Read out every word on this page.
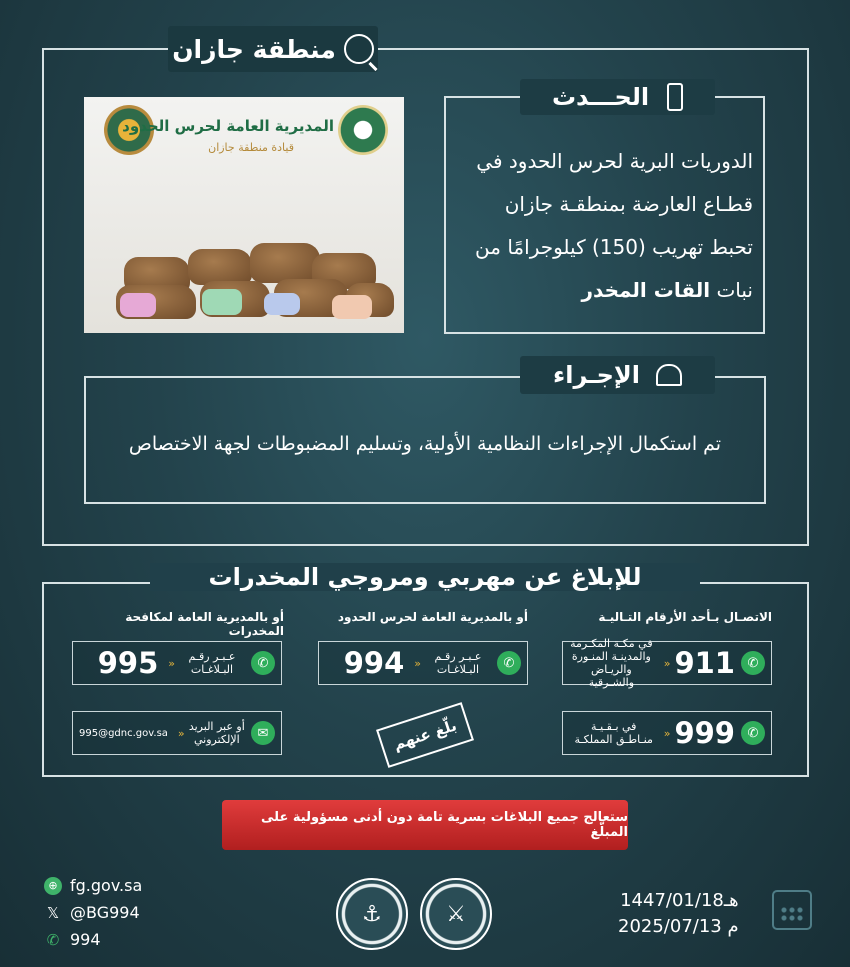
منطقة جازان
المديرية العامة لحرس الحدود
قيادة منطقة جازان
الحـــدث
الدوريات البرية لحرس الحدود في قطـاع العارضة بمنطقـة جازان تحبط تهريب (150) كيلوجرامًا من نبات القات المخدر
الإجـراء
تم استكمال الإجراءات النظامية الأولية، وتسليم المضبوطات لجهة الاختصاص
للإبلاغ عن مهربي ومروجي المخدرات
الاتصـال بـأحد الأرقام التـاليـة
أو بالمديرية العامة لحرس الحدود
أو بالمديرية العامة لمكافحة المخدرات
✆
911
«
في مكـة المكـرمة والمدينـة المنـورة والريـاض والشـرقية
✆
999
«
في بـقـيـة منـاطـق المملكـة
✆
عـبـر رقـم البـلاغـات
«
994
✆
عـبـر رقـم البـلاغـات
«
995
✉
أو عبر البريد الإلكتروني
«
995@gdnc.gov.sa	بلّغ عنهم
ستعالج جميع البلاغات بسرية تامة دون أدنى مسؤولية على المبلّغ
⊕ fg.gov.sa
𝕏 @BG994
✆ 994
⚓	⚔
1447/01/18هـ
2025/07/13 م
